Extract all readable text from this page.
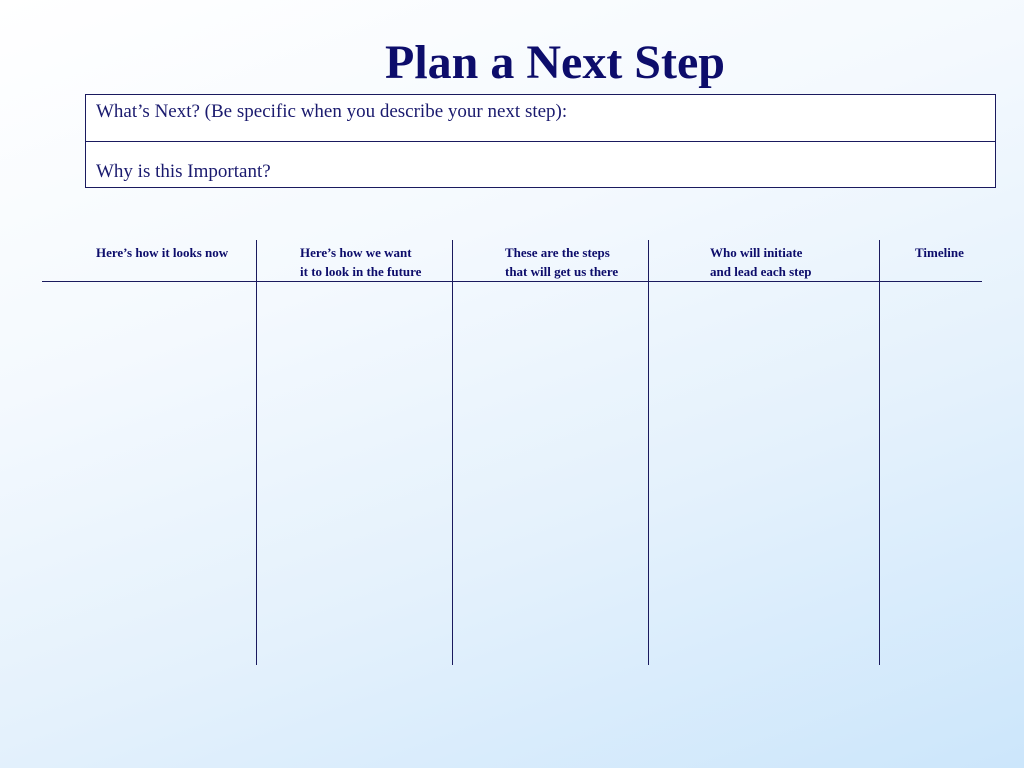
Plan a Next Step
What’s Next? (Be specific when you describe your next step):
Why is this Important?
Here’s how it looks now	Here’s how we want
it to look in the future
These are the steps
that will get us there
Who will initiate
and lead each step
Timeline
